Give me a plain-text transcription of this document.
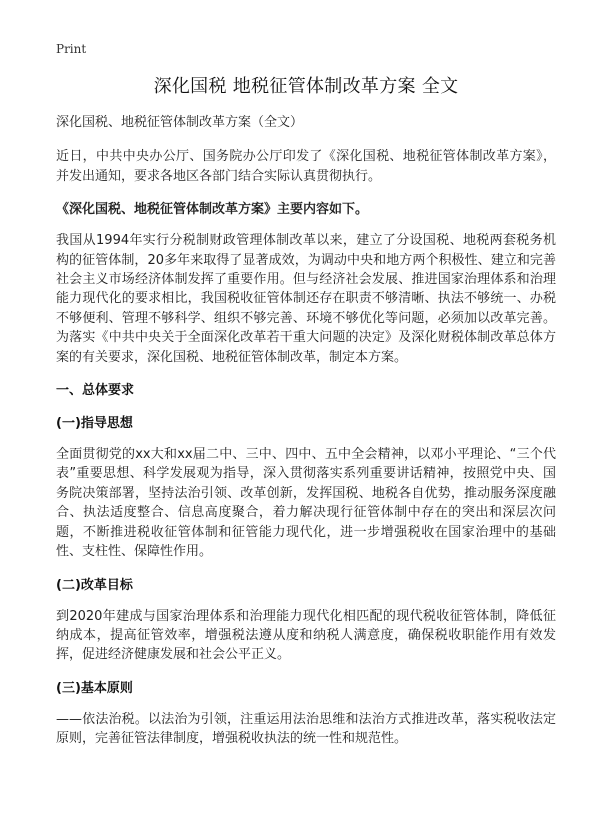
Print
深化国税 地税征管体制改革方案 全文

深化国税、地税征管体制改革方案（全文）

近日，中共中央办公厅、国务院办公厅印发了《深化国税、地税征管体制改革方案》，并发出通知，要求各地区各部门结合实际认真贯彻执行。

《深化国税、地税征管体制改革方案》主要内容如下。

我国从1994年实行分税制财政管理体制改革以来，建立了分设国税、地税两套税务机构的征管体制，20多年来取得了显著成效，为调动中央和地方两个积极性、建立和完善社会主义市场经济体制发挥了重要作用。但与经济社会发展、推进国家治理体系和治理能力现代化的要求相比，我国税收征管体制还存在职责不够清晰、执法不够统一、办税不够便利、管理不够科学、组织不够完善、环境不够优化等问题，必须加以改革完善。为落实《中共中央关于全面深化改革若干重大问题的决定》及深化财税体制改革总体方案的有关要求，深化国税、地税征管体制改革，制定本方案。

一、总体要求
(一)指导思想

全面贯彻党的xx大和xx届二中、三中、四中、五中全会精神，以邓小平理论、“三个代表”重要思想、科学发展观为指导，深入贯彻落实系列重要讲话精神，按照党中央、国务院决策部署，坚持法治引领、改革创新，发挥国税、地税各自优势，推动服务深度融合、执法适度整合、信息高度聚合，着力解决现行征管体制中存在的突出和深层次问题，不断推进税收征管体制和征管能力现代化，进一步增强税收在国家治理中的基础性、支柱性、保障性作用。

(二)改革目标

到2020年建成与国家治理体系和治理能力现代化相匹配的现代税收征管体制，降低征纳成本，提高征管效率，增强税法遵从度和纳税人满意度，确保税收职能作用有效发挥，促进经济健康发展和社会公平正义。

(三)基本原则

——依法治税。以法治为引领，注重运用法治思维和法治方式推进改革，落实税收法定原则，完善征管法律制度，增强税收执法的统一性和规范性。
